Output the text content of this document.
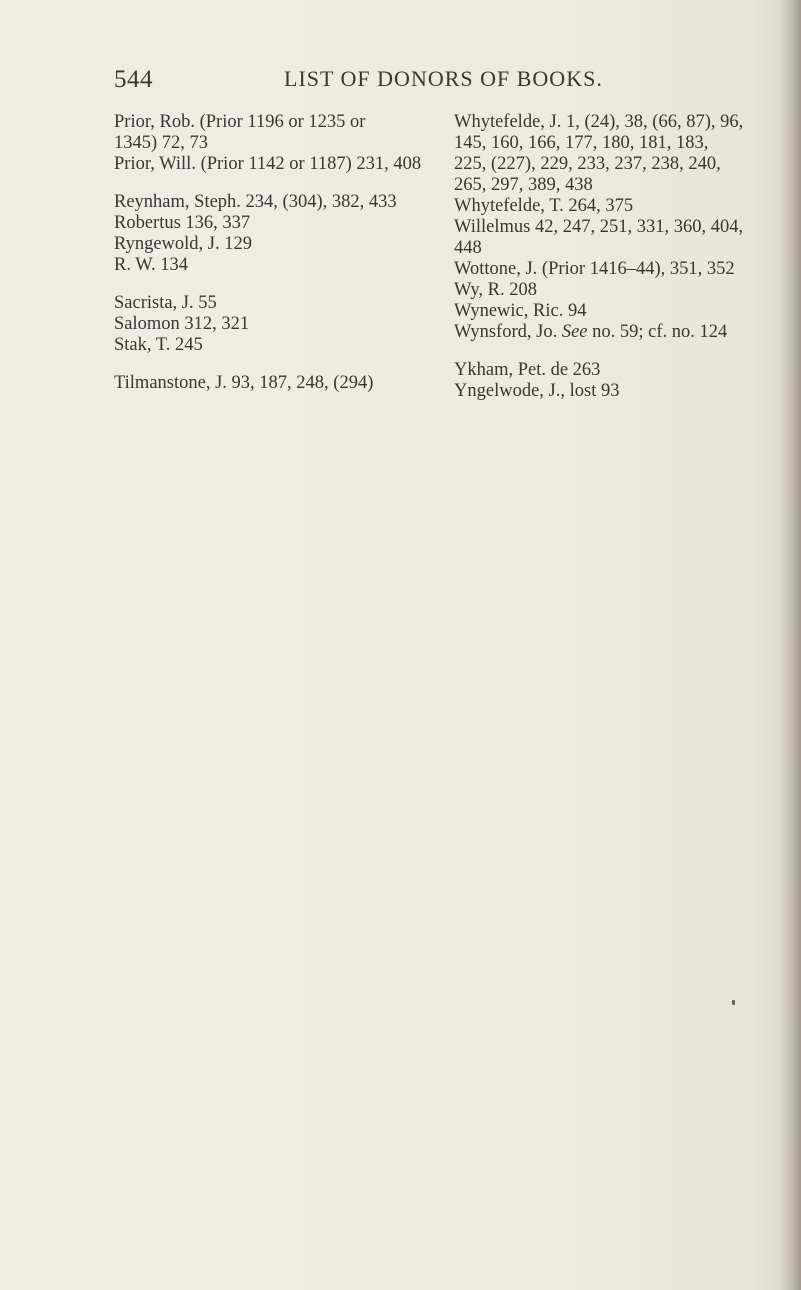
544	LIST OF DONORS OF BOOKS.
Prior, Rob. (Prior 1196 or 1235 or
1345) 72, 73
Prior, Will. (Prior 1142 or 1187) 231, 408
Reynham, Steph. 234, (304), 382, 433
Robertus 136, 337
Ryngewold, J. 129
R. W. 134
Sacrista, J. 55
Salomon 312, 321
Stak, T. 245
Tilmanstone, J. 93, 187, 248, (294)
Whytefelde, J. 1, (24), 38, (66, 87), 96,
145, 160, 166, 177, 180, 181, 183,
225, (227), 229, 233, 237, 238, 240,
265, 297, 389, 438
Whytefelde, T. 264, 375
Willelmus 42, 247, 251, 331, 360, 404,
448
Wottone, J. (Prior 1416–44), 351, 352
Wy, R. 208
Wynewic, Ric. 94
Wynsford, Jo. See no. 59; cf. no. 124
Ykham, Pet. de 263
Yngelwode, J., lost 93
